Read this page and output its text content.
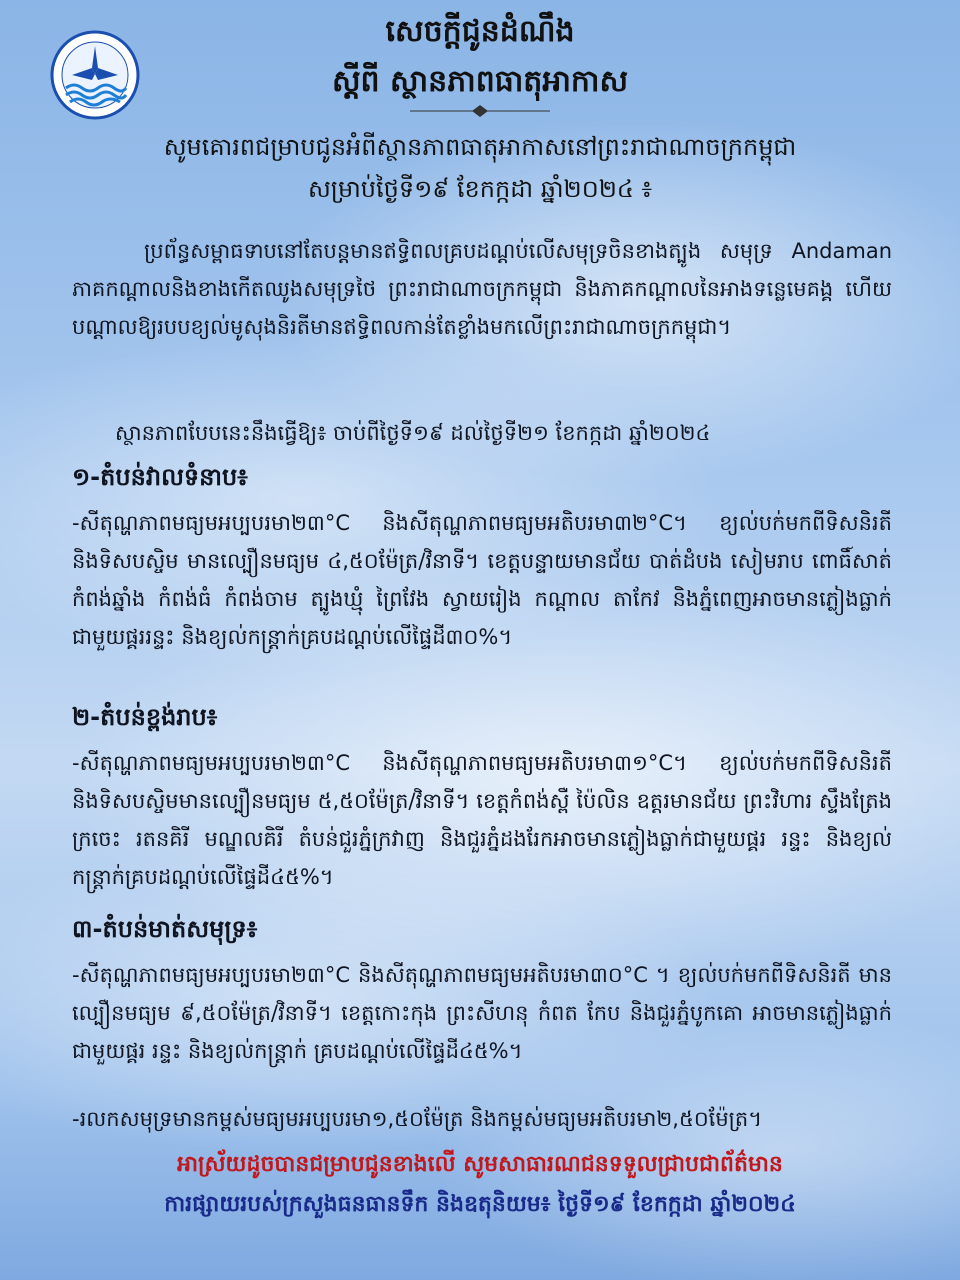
សេចក្តីជូនដំណឹង
ស្តីពី ស្ថានភាពធាតុអាកាស
សូមគោរពជម្រាបជូនអំពីស្ថានភាពធាតុអាកាសនៅព្រះរាជាណាចក្រកម្ពុជា
សម្រាប់ថ្ងៃទី១៩ ខែកក្កដា ឆ្នាំ២០២៤ ៖

ប្រព័ន្ធសម្ពាធទាបនៅតែបន្តមានឥទ្ធិពលគ្របដណ្តប់លើសមុទ្រចិនខាងត្បូង សមុទ្រ Andaman ភាគកណ្តាលនិងខាងកើតឈូងសមុទ្រថៃ ព្រះរាជាណាចក្រកម្ពុជា និងភាគកណ្តាលនៃអាងទន្លេមេគង្គ ហើយបណ្តាលឱ្យរបបខ្យល់មូសុងនិរតីមានឥទ្ធិពលកាន់តែខ្លាំងមកលើព្រះរាជាណាចក្រកម្ពុជា។

ស្ថានភាពបែបនេះនឹងធ្វើឱ្យ៖ ចាប់ពីថ្ងៃទី១៩ ដល់ថ្ងៃទី២១ ខែកក្កដា ឆ្នាំ២០២៤

១-តំបន់វាលទំនាប៖

-សីតុណ្ហភាពមធ្យមអប្បបរមា២៣°C និងសីតុណ្ហភាពមធ្យមអតិបរមា៣២°C។ ខ្យល់បក់មកពីទិសនិរតី និងទិសបស្ចិម មានល្បឿនមធ្យម ៤,៥០ម៉ែត្រ/វិនាទី។ ខេត្តបន្ទាយមានជ័យ បាត់ដំបង សៀមរាប ពោធិ៍សាត់ កំពង់ឆ្នាំង កំពង់ធំ កំពង់ចាម ត្បូងឃ្មុំ ព្រៃវែង ស្វាយរៀង កណ្តាល តាកែវ និងភ្នំពេញអាចមានភ្លៀងធ្លាក់ជាមួយផ្គររន្ទះ និងខ្យល់កន្ត្រាក់គ្របដណ្តប់លើផ្ទៃដី៣០%។

២-តំបន់ខ្ពង់រាប៖

-សីតុណ្ហភាពមធ្យមអប្បបរមា២៣°C និងសីតុណ្ហភាពមធ្យមអតិបរមា៣១°C។ ខ្យល់បក់មកពីទិសនិរតី និងទិសបស្ចិមមានល្បឿនមធ្យម ៥,៥០ម៉ែត្រ/វិនាទី។ ខេត្តកំពង់ស្ពឺ ប៉ៃលិន ឧត្តរមានជ័យ ព្រះវិហារ ស្ទឹងត្រែង ក្រចេះ រតនគិរី មណ្ឌលគិរី តំបន់ជួរភ្នំក្រវាញ និងជួរភ្នំដងរែកអាចមានភ្លៀងធ្លាក់ជាមួយផ្គរ រន្ទះ និងខ្យល់កន្ត្រាក់គ្របដណ្តប់លើផ្ទៃដី៤៥%។

៣-តំបន់មាត់សមុទ្រ៖

-សីតុណ្ហភាពមធ្យមអប្បបរមា២៣°C និងសីតុណ្ហភាពមធ្យមអតិបរមា៣០°C ។ ខ្យល់បក់មកពីទិសនិរតី មានល្បឿនមធ្យម ៩,៥០ម៉ែត្រ/វិនាទី។ ខេត្តកោះកុង ព្រះសីហនុ កំពត កែប និងជួរភ្នំបូកគោ អាចមានភ្លៀងធ្លាក់ជាមួយផ្គរ រន្ទះ និងខ្យល់កន្ត្រាក់ គ្របដណ្តប់លើផ្ទៃដី៤៥%។

-រលកសមុទ្រមានកម្ពស់មធ្យមអប្បបរមា១,៥០ម៉ែត្រ និងកម្ពស់មធ្យមអតិបរមា២,៥០ម៉ែត្រ។

អាស្រ័យដូចបានជម្រាបជូនខាងលើ សូមសាធារណជនទទួលជ្រាបជាព័ត៌មាន
ការផ្សាយរបស់ក្រសួងធនធានទឹក និងឧតុនិយម៖ ថ្ងៃទី១៩ ខែកក្កដា ឆ្នាំ២០២៤
